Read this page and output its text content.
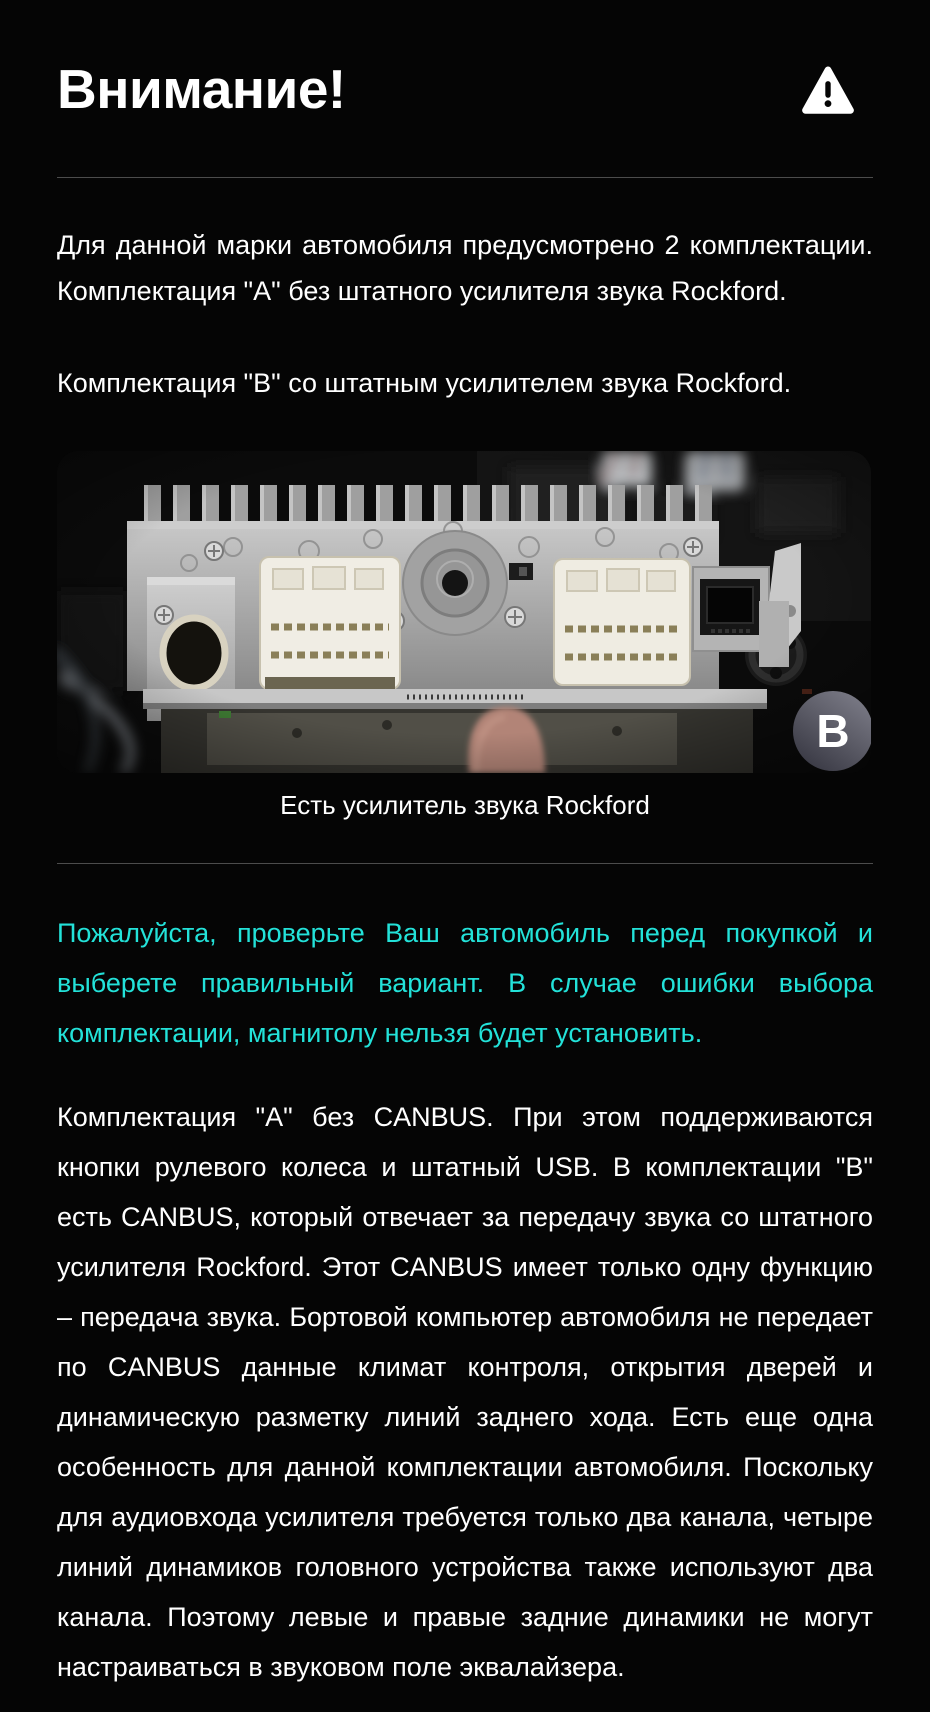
Внимание!

Для данной марки автомобиля предусмотрено 2 комплектации. Комплектация "A" без штатного усилителя звука Rockford.

Комплектация "B" со штатным усилителем звука Rockford.

B
Есть усилитель звука Rockford

Пожалуйста, проверьте Ваш автомобиль перед покупкой и выберете правильный вариант. В случае ошибки выбора комплектации, магнитолу нельзя будет установить.

Комплектация "A" без CANBUS. При этом поддерживаются кнопки рулевого колеса и штатный USB. В комплектации "B" есть CANBUS, который отвечает за передачу звука со штатного усилителя Rockford. Этот CANBUS имеет только одну функцию – передача звука. Бортовой компьютер автомобиля не передает по CANBUS данные климат контроля, открытия дверей и динамическую разметку линий заднего хода. Есть еще одна особенность для данной комплектации автомобиля. Поскольку для аудиовхода усилителя требуется только два канала, четыре линий динамиков головного устройства также используют два канала. Поэтому левые и правые задние динамики не могут настраиваться в звуковом поле эквалайзера.
